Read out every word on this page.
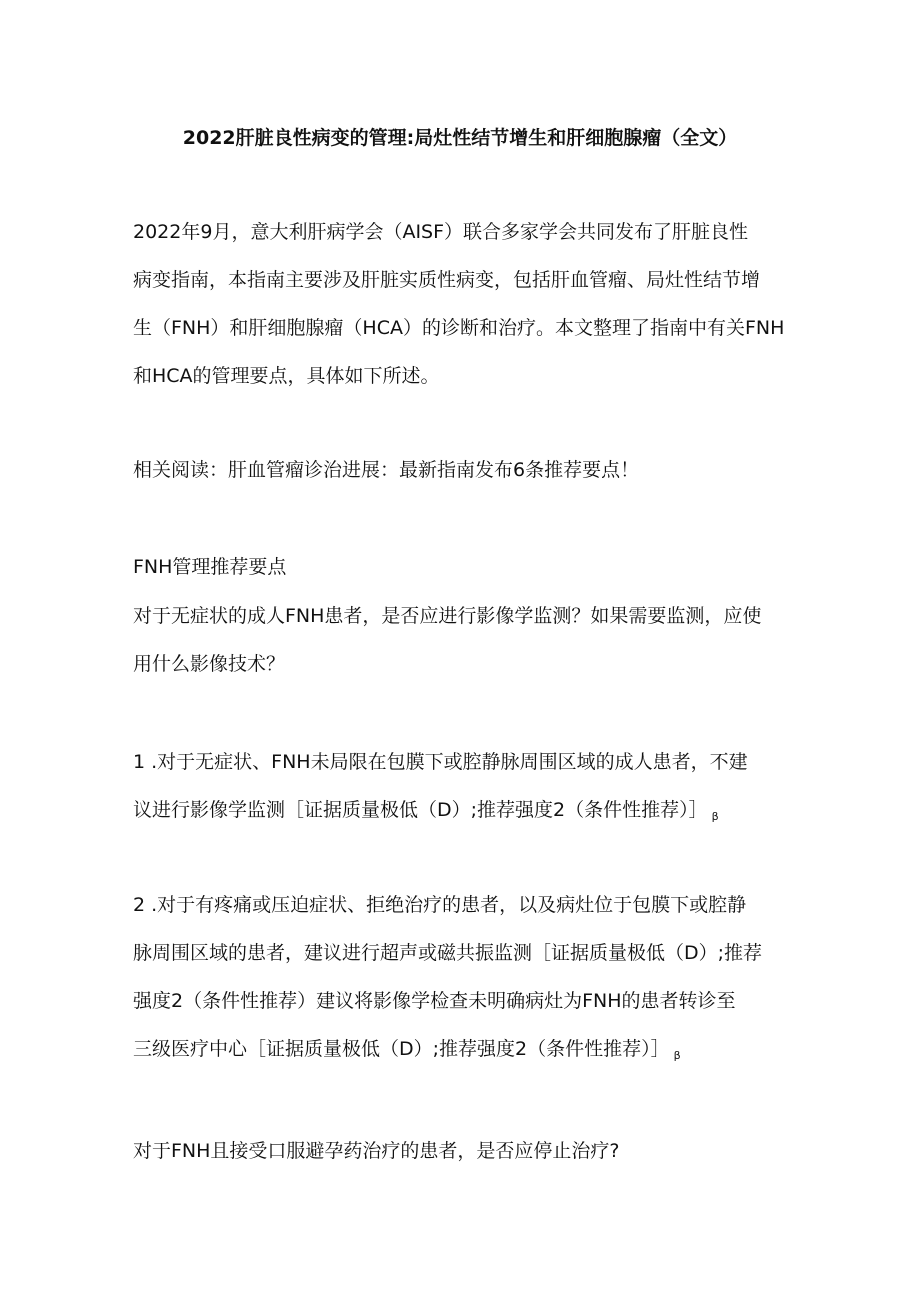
2022肝脏良性病变的管理:局灶性结节增生和肝细胞腺瘤（全文）
2022年9月，意大利肝病学会（AISF）联合多家学会共同发布了肝脏良性
病变指南，本指南主要涉及肝脏实质性病变，包括肝血管瘤、局灶性结节增
生（FNH）和肝细胞腺瘤（HCA）的诊断和治疗。本文整理了指南中有关FNH
和HCA的管理要点，具体如下所述。
相关阅读：肝血管瘤诊治进展：最新指南发布6条推荐要点！
FNH管理推荐要点
对于无症状的成人FNH患者，是否应进行影像学监测？如果需要监测，应使
用什么影像技术？
1 .对于无症状、FNH未局限在包膜下或腔静脉周围区域的成人患者，不建
议进行影像学监测［证据质量极低（D）;推荐强度2（条件性推荐）］ $_\beta$
2 .对于有疼痛或压迫症状、拒绝治疗的患者，以及病灶位于包膜下或腔静
脉周围区域的患者，建议进行超声或磁共振监测［证据质量极低（D）;推荐
强度2（条件性推荐）建议将影像学检查未明确病灶为FNH的患者转诊至
三级医疗中心［证据质量极低（D）;推荐强度2（条件性推荐）］ $_\beta$
对于FNH且接受口服避孕药治疗的患者，是否应停止治疗?
